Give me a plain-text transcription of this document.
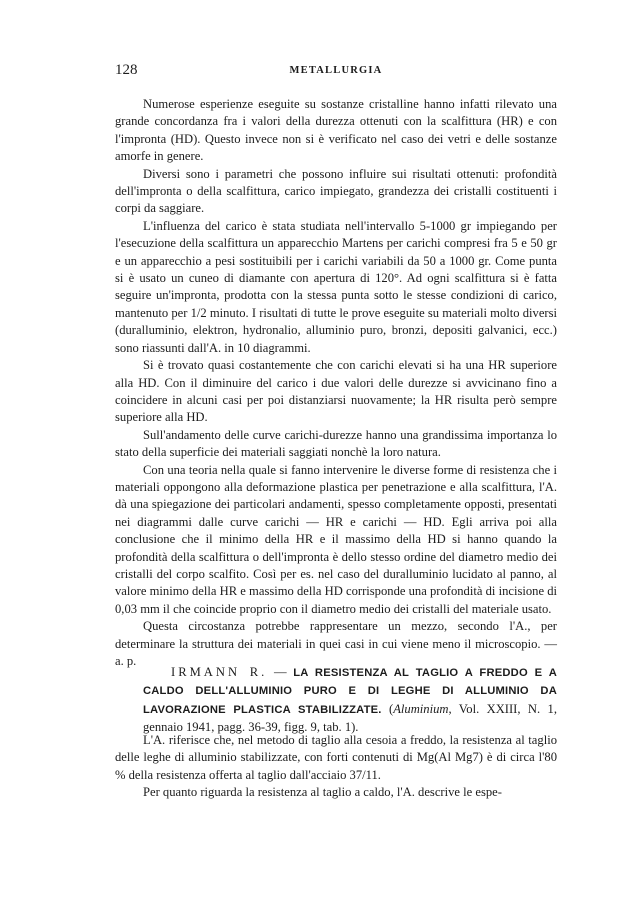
128	METALLURGIA

Numerose esperienze eseguite su sostanze cristalline hanno infatti rilevato una grande concordanza fra i valori della durezza ottenuti con la scalfittura (HR) e con l'impronta (HD). Questo invece non si è verificato nel caso dei vetri e delle sostanze amorfe in genere.

Diversi sono i parametri che possono influire sui risultati ottenuti: profondità dell'impronta o della scalfittura, carico impiegato, grandezza dei cristalli costituenti i corpi da saggiare.

L'influenza del carico è stata studiata nell'intervallo 5-1000 gr impiegando per l'esecuzione della scalfittura un apparecchio Martens per carichi compresi fra 5 e 50 gr e un apparecchio a pesi sostituibili per i carichi variabili da 50 a 1000 gr. Come punta si è usato un cuneo di diamante con apertura di 120°. Ad ogni scalfittura si è fatta seguire un'impronta, prodotta con la stessa punta sotto le stesse condizioni di carico, mantenuto per 1/2 minuto. I risultati di tutte le prove eseguite su materiali molto diversi (duralluminio, elektron, hydronalio, alluminio puro, bronzi, depositi galvanici, ecc.) sono riassunti dall'A. in 10 diagrammi.

Si è trovato quasi costantemente che con carichi elevati si ha una HR superiore alla HD. Con il diminuire del carico i due valori delle durezze si avvicinano fino a coincidere in alcuni casi per poi distanziarsi nuovamente; la HR risulta però sempre superiore alla HD.

Sull'andamento delle curve carichi-durezze hanno una grandissima importanza lo stato della superficie dei materiali saggiati nonchè la loro natura.

Con una teoria nella quale si fanno intervenire le diverse forme di resistenza che i materiali oppongono alla deformazione plastica per penetrazione e alla scalfittura, l'A. dà una spiegazione dei particolari andamenti, spesso completamente opposti, presentati nei diagrammi dalle curve carichi — HR e carichi — HD. Egli arriva poi alla conclusione che il minimo della HR e il massimo della HD si hanno quando la profondità della scalfittura o dell'impronta è dello stesso ordine del diametro medio dei cristalli del corpo scalfito. Così per es. nel caso del duralluminio lucidato al panno, al valore minimo della HR e massimo della HD corrisponde una profondità di incisione di 0,03 mm il che coincide proprio con il diametro medio dei cristalli del materiale usato.

Questa circostanza potrebbe rappresentare un mezzo, secondo l'A., per determinare la struttura dei materiali in quei casi in cui viene meno il microscopio. — a. p.

IRMANN R. — LA RESISTENZA AL TAGLIO A FREDDO E A CALDO DELL'ALLUMINIO PURO E DI LEGHE DI ALLUMINIO DA LAVORAZIONE PLASTICA STABILIZZATE. (Aluminium, Vol. XXIII, N. 1, gennaio 1941, pagg. 36-39, figg. 9, tab. 1).

L'A. riferisce che, nel metodo di taglio alla cesoia a freddo, la resistenza al taglio delle leghe di alluminio stabilizzate, con forti contenuti di Mg(Al Mg7) è di circa l'80 % della resistenza offerta al taglio dall'acciaio 37/11.

Per quanto riguarda la resistenza al taglio a caldo, l'A. descrive le espe-
